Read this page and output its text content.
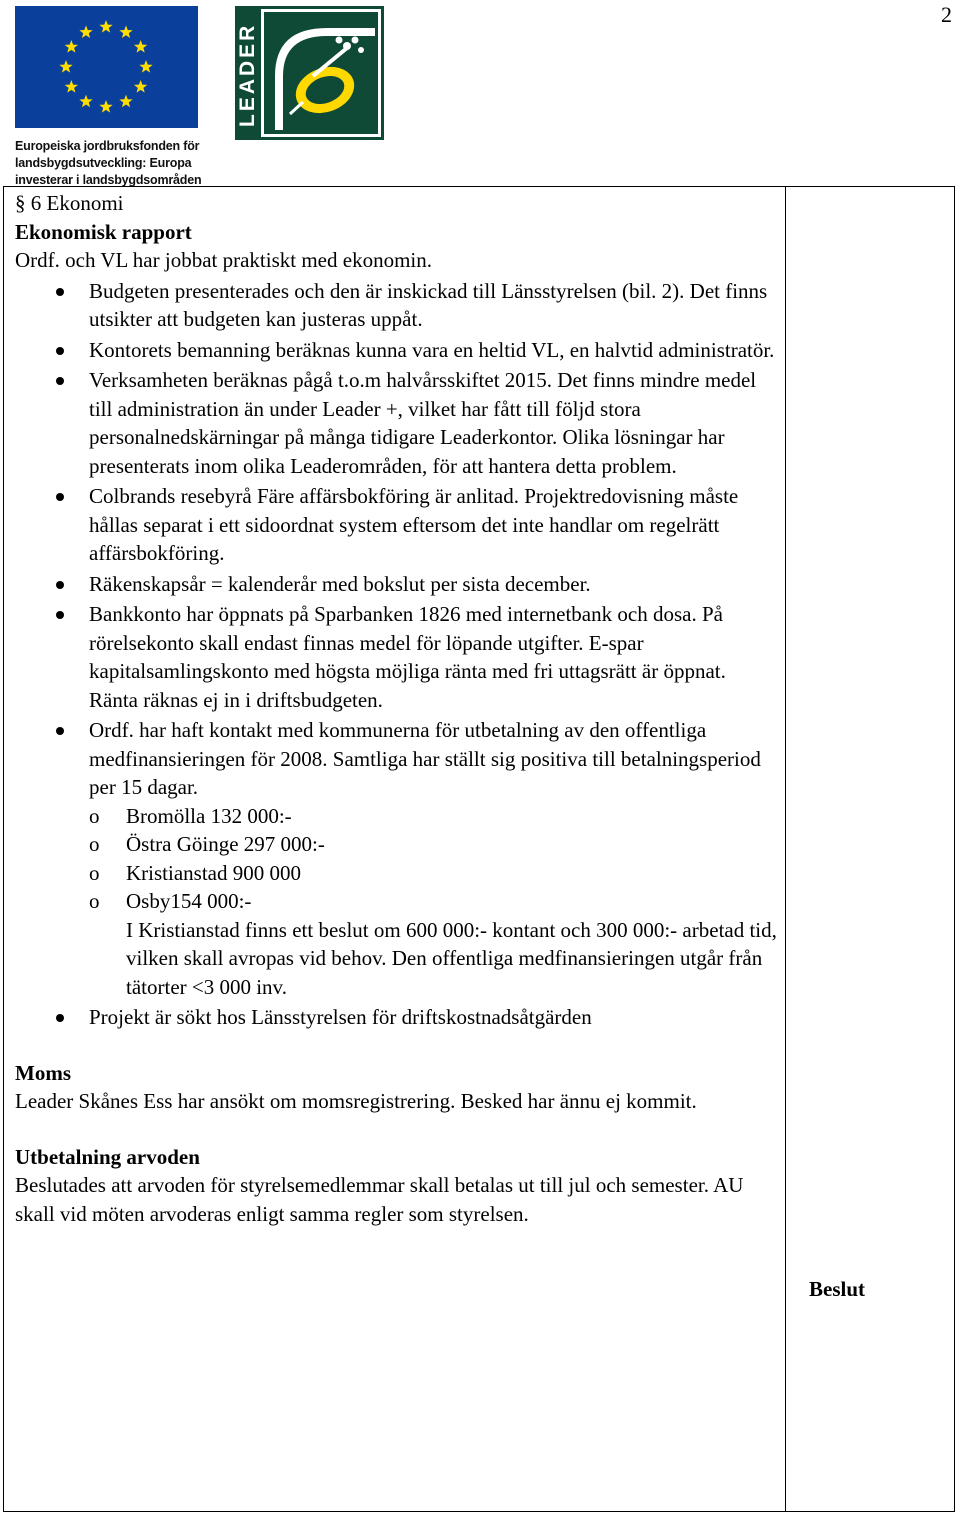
2
Europeiska jordbruksfonden för
landsbygdsutveckling: Europa
investerar i landsbygdsområden
LEADER
§ 6 Ekonomi
Ekonomisk rapport

Ordf. och VL har jobbat praktiskt med ekonomin.

Budgeten presenterades och den är inskickad till Länsstyrelsen (bil. 2). Det finns utsikter att budgeten kan justeras uppåt.
Kontorets bemanning beräknas kunna vara en heltid VL, en halvtid administratör.
Verksamheten beräknas pågå t.o.m halvårsskiftet 2015. Det finns mindre medel till administration än under Leader +, vilket har fått till följd stora personalnedskärningar på många tidigare Leaderkontor. Olika lösningar har presenterats inom olika Leaderområden, för att hantera detta problem.
Colbrands resebyrå Färe affärsbokföring är anlitad. Projektredovisning måste hållas separat i ett sidoordnat system eftersom det inte handlar om regelrätt affärsbokföring.
Räkenskapsår = kalenderår med bokslut per sista december.
Bankkonto har öppnats på Sparbanken 1826 med internetbank och dosa. På rörelsekonto skall endast finnas medel för löpande utgifter. E-spar kapitalsamlingskonto med högsta möjliga ränta med fri uttagsrätt är öppnat. Ränta räknas ej in i driftsbudgeten.
Ordf. har haft kontakt med kommunerna för utbetalning av den offentliga medfinansieringen för 2008. Samtliga har ställt sig positiva till betalningsperiod per 15 dagar.
o Bromölla 132 000:-
o Östra Göinge 297 000:-
o Kristianstad 900 000
o Osby154 000:-
I Kristianstad finns ett beslut om 600 000:- kontant och 300 000:- arbetad tid, vilken skall avropas vid behov. Den offentliga medfinansieringen utgår från tätorter <3 000 inv.
Projekt är sökt hos Länsstyrelsen för driftskostnadsåtgärden
Moms

Leader Skånes Ess har ansökt om momsregistrering. Besked har ännu ej kommit.

Utbetalning arvoden

Beslutades att arvoden för styrelsemedlemmar skall betalas ut till jul och semester. AU skall vid möten arvoderas enligt samma regler som styrelsen.

Beslut
